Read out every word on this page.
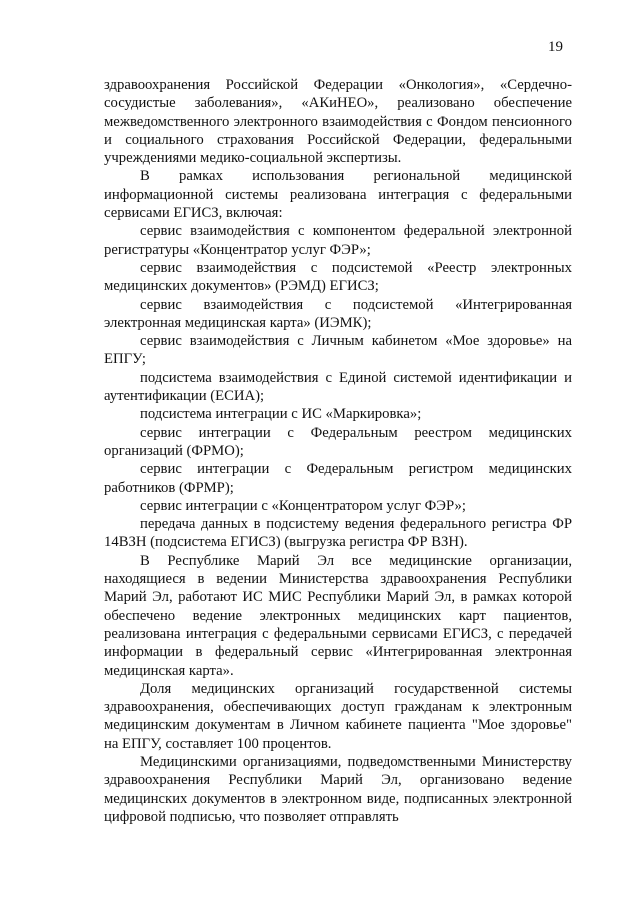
19

здравоохранения Российской Федерации «Онкология», «Сердечно-сосудистые заболевания», «АКиНЕО», реализовано обеспечение межведомственного электронного взаимодействия с Фондом пенсионного и социального страхования Российской Федерации, федеральными учреждениями медико-социальной экспертизы.

В рамках использования региональной медицинской информационной системы реализована интеграция с федеральными сервисами ЕГИСЗ, включая:

сервис взаимодействия с компонентом федеральной электронной регистратуры «Концентратор услуг ФЭР»;

сервис взаимодействия с подсистемой «Реестр электронных медицинских документов» (РЭМД) ЕГИСЗ;

сервис взаимодействия с подсистемой «Интегрированная электронная медицинская карта» (ИЭМК);

сервис взаимодействия с Личным кабинетом «Мое здоровье» на ЕПГУ;

подсистема взаимодействия с Единой системой идентификации и аутентификации (ЕСИА);

подсистема интеграции с ИС «Маркировка»;

сервис интеграции с Федеральным реестром медицинских организаций (ФРМО);

сервис интеграции с Федеральным регистром медицинских работников (ФРМР);

сервис интеграции с «Концентратором услуг ФЭР»;

передача данных в подсистему ведения федерального регистра ФР 14ВЗН (подсистема ЕГИСЗ) (выгрузка регистра ФР ВЗН).

В Республике Марий Эл все медицинские организации, находящиеся в ведении Министерства здравоохранения Республики Марий Эл, работают ИС МИС Республики Марий Эл, в рамках которой обеспечено ведение электронных медицинских карт пациентов, реализована интеграция с федеральными сервисами ЕГИСЗ, с передачей информации в федеральный сервис «Интегрированная электронная медицинская карта».

Доля медицинских организаций государственной системы здравоохранения, обеспечивающих доступ гражданам к электронным медицинским документам в Личном кабинете пациента "Мое здоровье" на ЕПГУ, составляет 100 процентов.

Медицинскими организациями, подведомственными Министерству здравоохранения Республики Марий Эл, организовано ведение медицинских документов в электронном виде, подписанных электронной цифровой подписью, что позволяет отправлять
